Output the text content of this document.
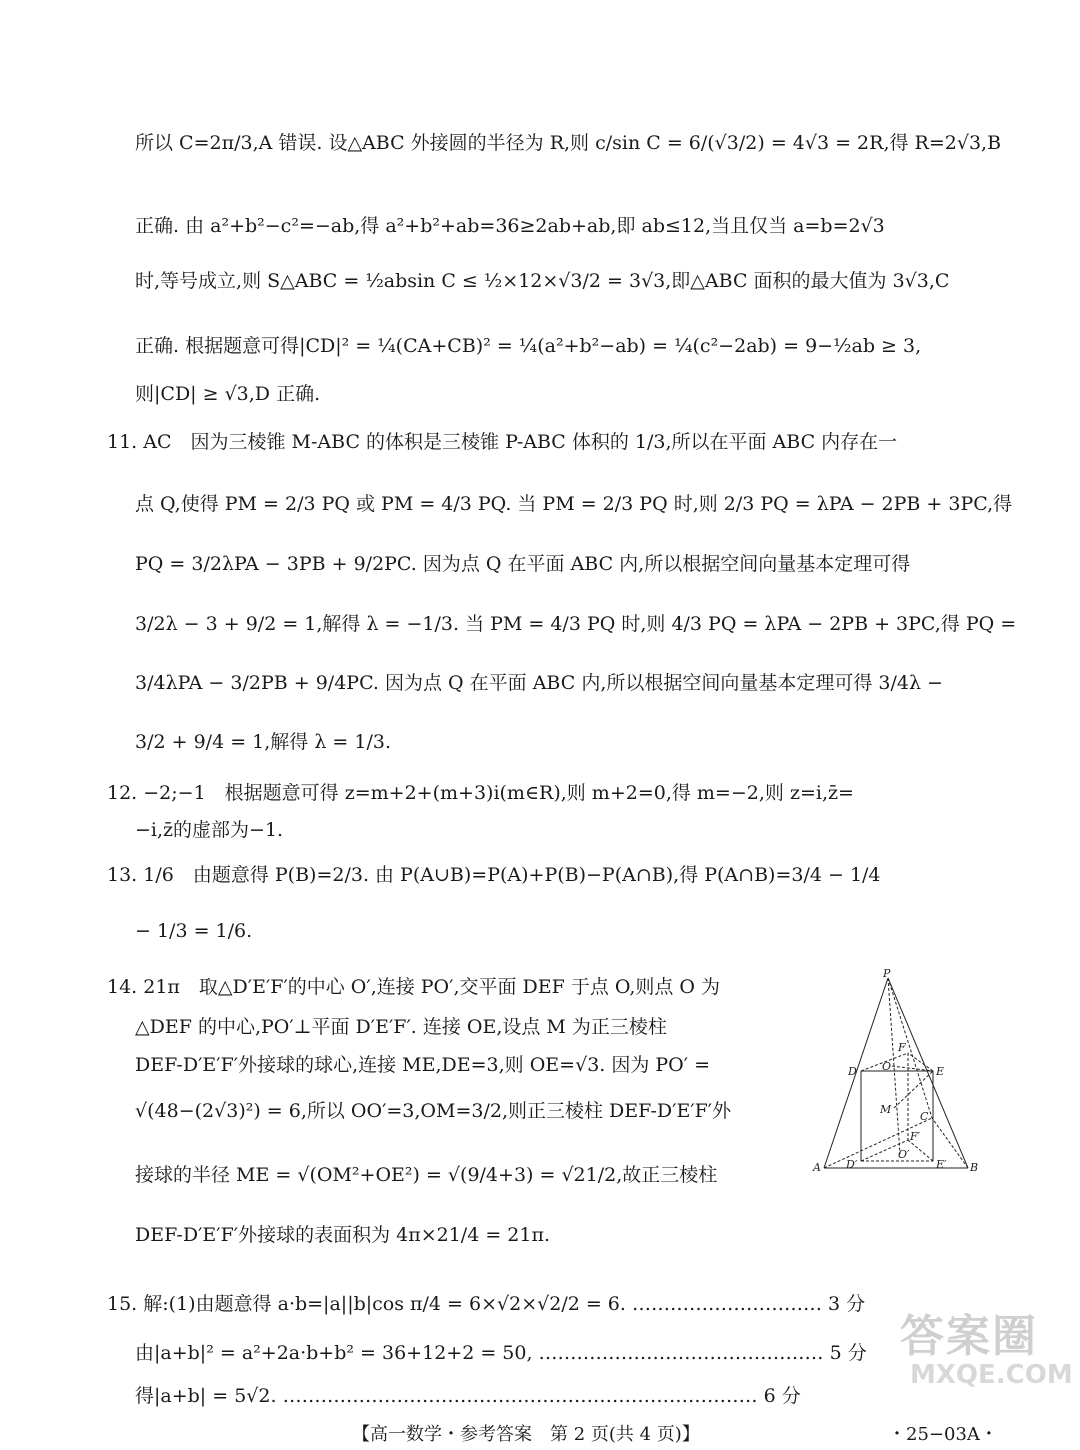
所以 C=2π/3,A 错误. 设△ABC 外接圆的半径为 R,则 c/sin C = 6/(√3/2) = 4√3 = 2R,得 R=2√3,B
正确. 由 a²+b²−c²=−ab,得 a²+b²+ab=36≥2ab+ab,即 ab≤12,当且仅当 a=b=2√3
时,等号成立,则 S△ABC = ½absin C ≤ ½×12×√3/2 = 3√3,即△ABC 面积的最大值为 3√3,C
正确. 根据题意可得|CD|² = ¼(CA+CB)² = ¼(a²+b²−ab) = ¼(c²−2ab) = 9−½ab ≥ 3,
则|CD| ≥ √3,D 正确.
11. AC　因为三棱锥 M-ABC 的体积是三棱锥 P-ABC 体积的 1/3,所以在平面 ABC 内存在一
点 Q,使得 PM = 2/3 PQ 或 PM = 4/3 PQ. 当 PM = 2/3 PQ 时,则 2/3 PQ = λPA − 2PB + 3PC,得
PQ = 3/2λPA − 3PB + 9/2PC. 因为点 Q 在平面 ABC 内,所以根据空间向量基本定理可得
3/2λ − 3 + 9/2 = 1,解得 λ = −1/3. 当 PM = 4/3 PQ 时,则 4/3 PQ = λPA − 2PB + 3PC,得 PQ =
3/4λPA − 3/2PB + 9/4PC. 因为点 Q 在平面 ABC 内,所以根据空间向量基本定理可得 3/4λ −
3/2 + 9/4 = 1,解得 λ = 1/3.
12. −2;−1　根据题意可得 z=m+2+(m+3)i(m∈R),则 m+2=0,得 m=−2,则 z=i,z̄=
−i,z̄的虚部为−1.
13. 1/6　由题意得 P(B)=2/3. 由 P(A∪B)=P(A)+P(B)−P(A∩B),得 P(A∩B)=3/4 − 1/4
− 1/3 = 1/6.
14. 21π　取△D′E′F′的中心 O′,连接 PO′,交平面 DEF 于点 O,则点 O 为
△DEF 的中心,PO′⊥平面 D′E′F′. 连接 OE,设点 M 为正三棱柱
DEF-D′E′F′外接球的球心,连接 ME,DE=3,则 OE=√3. 因为 PO′ =
√(48−(2√3)²) = 6,所以 OO′=3,OM=3/2,则正三棱柱 DEF-D′E′F′外
接球的半径 ME = √(OM²+OE²) = √(9/4+3) = √21/2,故正三棱柱
DEF-D′E′F′外接球的表面积为 4π×21/4 = 21π.
P
D O	E
F
M
C
F′
O′
A D′	E′ B
15. 解:(1)由题意得 a·b=|a||b|cos π/4 = 6×√2×√2/2 = 6. ………………………… 3 分
由|a+b|² = a²+2a·b+b² = 36+12+2 = 50, ……………………………………… 5 分
得|a+b| = 5√2. ………………………………………………………………… 6 分
答案圈
MXQE.COM
【高一数学・参考答案　第 2 页(共 4 页)】	・25−03A・
